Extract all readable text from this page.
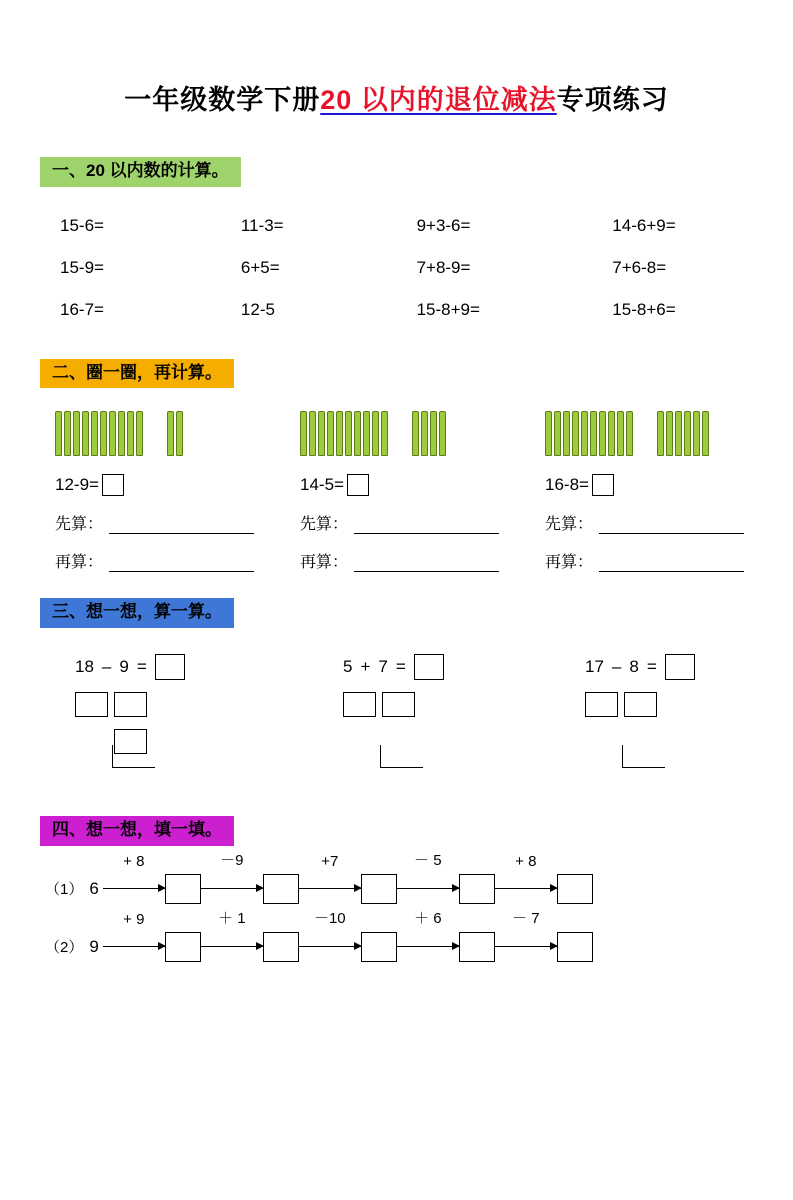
一年级数学下册20 以内的退位减法专项练习
一、20 以内数的计算。
15-6=	11-3=	9+3-6=	14-6+9=
15-9=	6+5=	7+8-9=	7+6-8=
16-7=	12-5	15-8+9=	15-8+6=
二、圈一圈，再计算。
12-9=
先算：
再算：
14-5=
先算：
再算：
16-8=
先算：
再算：
三、想一想，算一算。
18 – 9 =	5 + 7 =	17 – 8 =
四、想一想，填一填。
（1） 6
+ 8	－9	+7	－ 5	+ 8
（2） 9
+ 9	＋ 1	－10	＋ 6	－ 7
